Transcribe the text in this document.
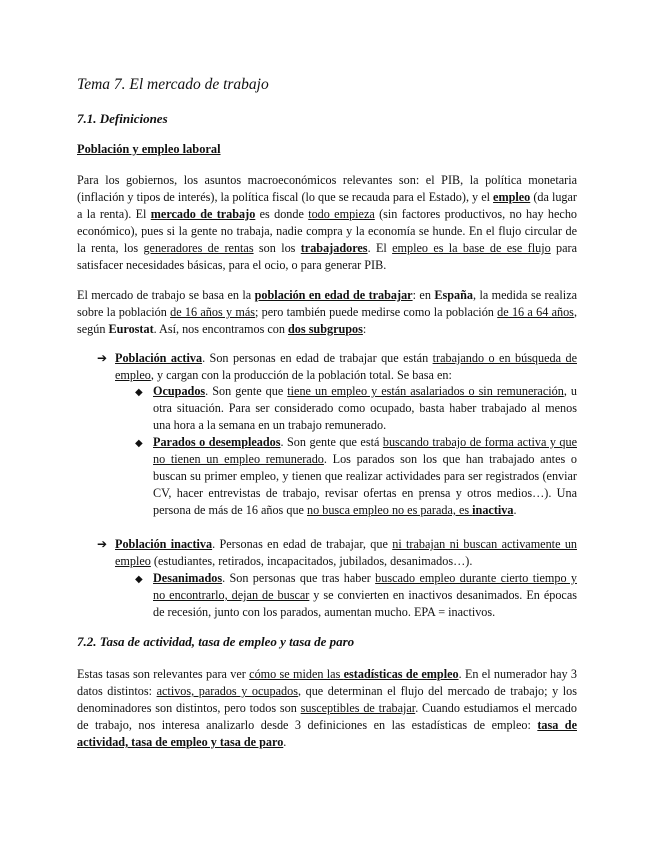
Tema 7. El mercado de trabajo
7.1. Definiciones
Población y empleo laboral
Para los gobiernos, los asuntos macroeconómicos relevantes son: el PIB, la política monetaria (inflación y tipos de interés), la política fiscal (lo que se recauda para el Estado), y el empleo (da lugar a la renta). El mercado de trabajo es donde todo empieza (sin factores productivos, no hay hecho económico), pues si la gente no trabaja, nadie compra y la economía se hunde. En el flujo circular de la renta, los generadores de rentas son los trabajadores. El empleo es la base de ese flujo para satisfacer necesidades básicas, para el ocio, o para generar PIB.
El mercado de trabajo se basa en la población en edad de trabajar: en España, la medida se realiza sobre la población de 16 años y más; pero también puede medirse como la población de 16 a 64 años, según Eurostat. Así, nos encontramos con dos subgrupos:
➔ Población activa. Son personas en edad de trabajar que están trabajando o en búsqueda de empleo, y cargan con la producción de la población total. Se basa en:
◆ Ocupados. Son gente que tiene un empleo y están asalariados o sin remuneración, u otra situación. Para ser considerado como ocupado, basta haber trabajado al menos una hora a la semana en un trabajo remunerado.
◆ Parados o desempleados. Son gente que está buscando trabajo de forma activa y que no tienen un empleo remunerado. Los parados son los que han trabajado antes o buscan su primer empleo, y tienen que realizar actividades para ser registrados (enviar CV, hacer entrevistas de trabajo, revisar ofertas en prensa y otros medios…). Una persona de más de 16 años que no busca empleo no es parada, es inactiva.
➔ Población inactiva. Personas en edad de trabajar, que ni trabajan ni buscan activamente un empleo (estudiantes, retirados, incapacitados, jubilados, desanimados…).
◆ Desanimados. Son personas que tras haber buscado empleo durante cierto tiempo y no encontrarlo, dejan de buscar y se convierten en inactivos desanimados. En épocas de recesión, junto con los parados, aumentan mucho. EPA = inactivos.
7.2. Tasa de actividad, tasa de empleo y tasa de paro
Estas tasas son relevantes para ver cómo se miden las estadísticas de empleo. En el numerador hay 3 datos distintos: activos, parados y ocupados, que determinan el flujo del mercado de trabajo; y los denominadores son distintos, pero todos son susceptibles de trabajar. Cuando estudiamos el mercado de trabajo, nos interesa analizarlo desde 3 definiciones en las estadísticas de empleo: tasa de actividad, tasa de empleo y tasa de paro.
